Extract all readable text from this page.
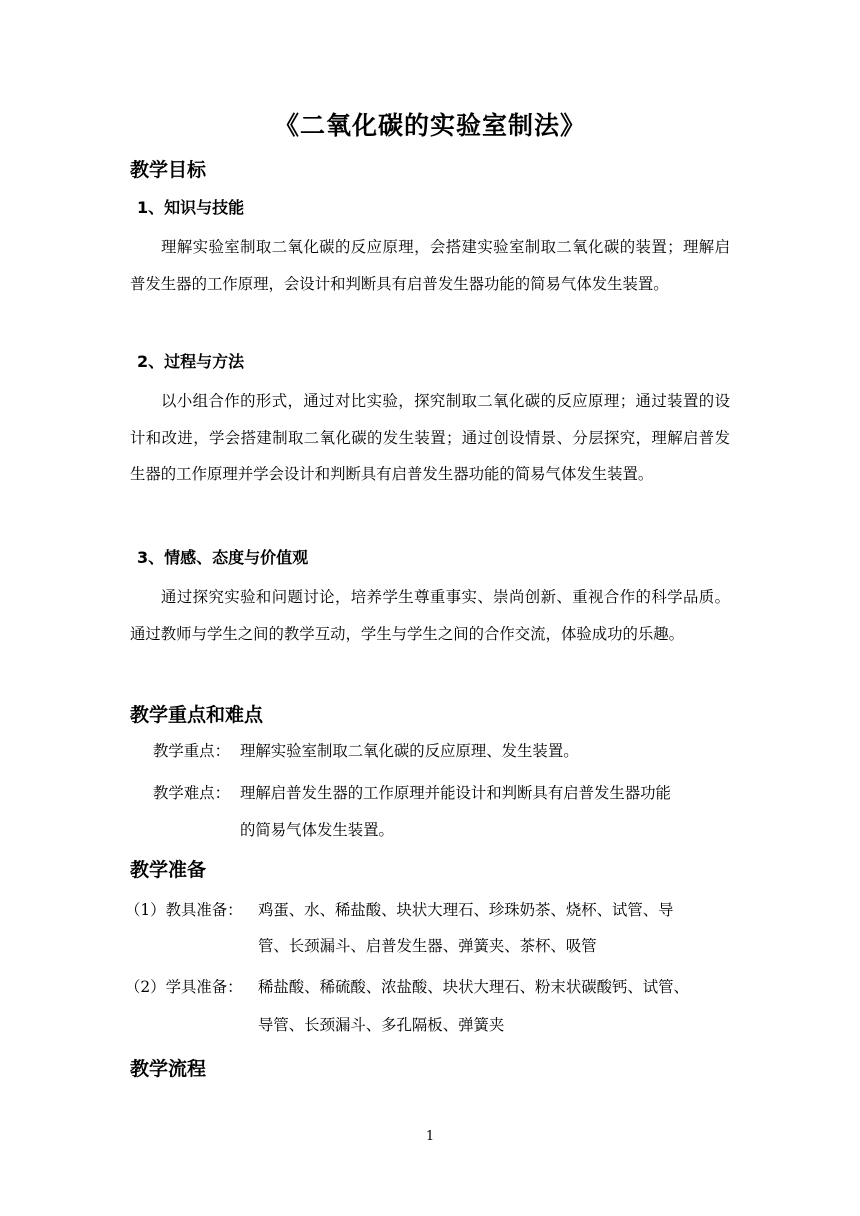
《二氧化碳的实验室制法》
教学目标
1、知识与技能

理解实验室制取二氧化碳的反应原理，会搭建实验室制取二氧化碳的装置；理解启普发生器的工作原理，会设计和判断具有启普发生器功能的简易气体发生装置。

2、过程与方法

以小组合作的形式，通过对比实验，探究制取二氧化碳的反应原理；通过装置的设计和改进，学会搭建制取二氧化碳的发生装置；通过创设情景、分层探究，理解启普发生器的工作原理并学会设计和判断具有启普发生器功能的简易气体发生装置。

3、情感、态度与价值观

通过探究实验和问题讨论，培养学生尊重事实、崇尚创新、重视合作的科学品质。通过教师与学生之间的教学互动，学生与学生之间的合作交流，体验成功的乐趣。

教学重点和难点
教学重点： 理解实验室制取二氧化碳的反应原理、发生装置。
教学难点： 理解启普发生器的工作原理并能设计和判断具有启普发生器功能
的简易气体发生装置。
教学准备
（1）教具准备： 鸡蛋、水、稀盐酸、块状大理石、珍珠奶茶、烧杯、试管、导
管、长颈漏斗、启普发生器、弹簧夹、茶杯、吸管
（2）学具准备： 稀盐酸、稀硫酸、浓盐酸、块状大理石、粉末状碳酸钙、试管、
导管、长颈漏斗、多孔隔板、弹簧夹
教学流程
1
